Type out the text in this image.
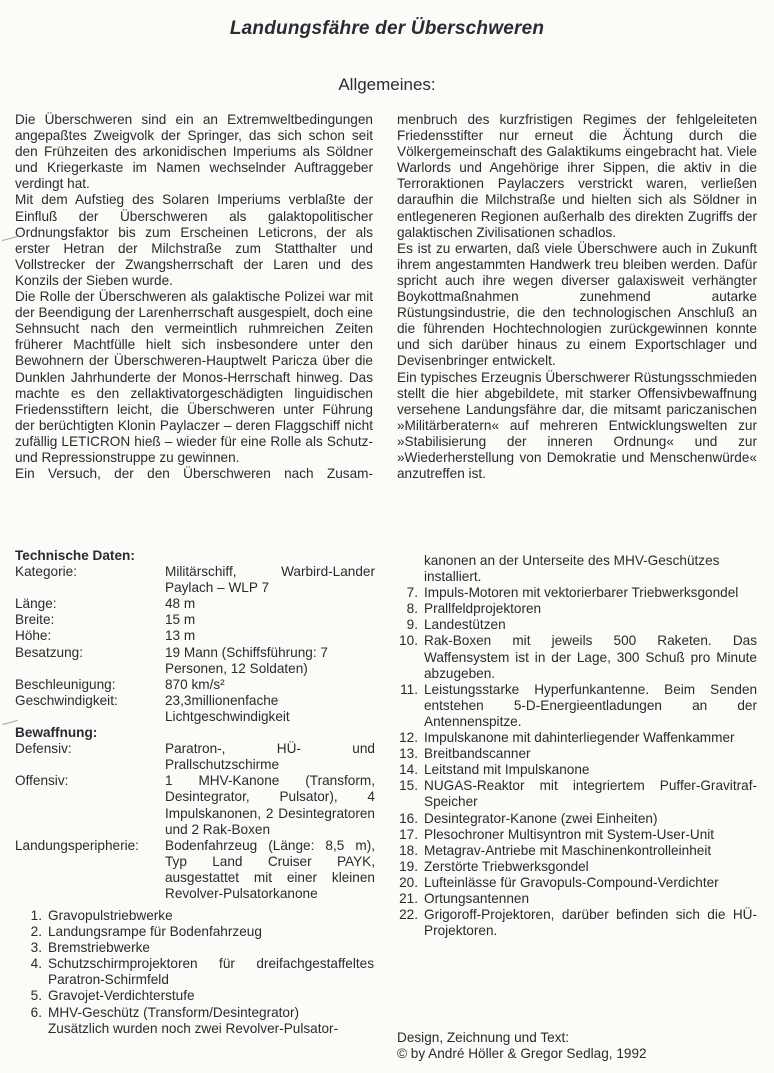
Landungsfähre der Überschweren
Allgemeines:

Die Überschweren sind ein an Extremweltbedingungen angepaßtes Zweigvolk der Springer, das sich schon seit den Frühzeiten des arkonidischen Imperiums als Söldner und Kriegerkaste im Namen wechselnder Auftraggeber verdingt hat.

Mit dem Aufstieg des Solaren Imperiums verblaßte der Einfluß der Überschweren als galaktopolitischer Ordnungsfaktor bis zum Erscheinen Leticrons, der als erster Hetran der Milchstraße zum Statthalter und Vollstrecker der Zwangsherrschaft der Laren und des Konzils der Sieben wurde.

Die Rolle der Überschweren als galaktische Polizei war mit der Beendigung der Larenherrschaft ausgespielt, doch eine Sehnsucht nach den vermeintlich ruhmreichen Zeiten früherer Machtfülle hielt sich insbesondere unter den Bewohnern der Überschweren-Hauptwelt Paricza über die Dunklen Jahrhunderte der Monos-Herrschaft hinweg. Das machte es den zellaktivatorgeschädigten linguidischen Friedensstiftern leicht, die Überschweren unter Führung der berüchtigten Klonin Paylaczer – deren Flaggschiff nicht zufällig LETICRON hieß – wieder für eine Rolle als Schutz- und Repressionstruppe zu gewinnen.

Ein Versuch, der den Überschweren nach Zusam-

menbruch des kurzfristigen Regimes der fehlgeleiteten Friedensstifter nur erneut die Ächtung durch die Völkergemeinschaft des Galaktikums eingebracht hat. Viele Warlords und Angehörige ihrer Sippen, die aktiv in die Terroraktionen Paylaczers verstrickt waren, verließen daraufhin die Milchstraße und hielten sich als Söldner in entlegeneren Regionen außerhalb des direkten Zugriffs der galaktischen Zivilisationen schadlos.

Es ist zu erwarten, daß viele Überschwere auch in Zukunft ihrem angestammten Handwerk treu bleiben werden. Dafür spricht auch ihre wegen diverser galaxisweit verhängter Boykottmaßnahmen zunehmend autarke Rüstungsindustrie, die den technologischen Anschluß an die führenden Hochtechnologien zurückgewinnen konnte und sich darüber hinaus zu einem Exportschlager und Devisenbringer entwickelt.

Ein typisches Erzeugnis Überschwerer Rüstungsschmieden stellt die hier abgebildete, mit starker Offensivbewaffnung versehene Landungsfähre dar, die mitsamt pariczanischen »Militärberatern« auf mehreren Entwicklungswelten zur »Stabilisierung der inneren Ordnung« und zur »Wiederherstellung von Demokratie und Menschenwürde« anzutreffen ist.

Technische Daten:

Kategorie:	Militärschiff, Warbird-Lander Paylach – WLP 7
Länge:	48 m
Breite:	15 m
Höhe:	13 m
Besatzung:	19 Mann (Schiffsführung: 7 Personen, 12 Soldaten)
Beschleunigung:	870 km/s²
Geschwindigkeit:	23,3millionenfache Lichtgeschwindigkeit

Bewaffnung:

Defensiv:	Paratron-, HÜ- und Prallschutzschirme
Offensiv:	1 MHV-Kanone (Transform, Desintegrator, Pulsator), 4 Impulskanonen, 2 Desintegratoren und 2 Rak-Boxen
Landungsperipherie:	Bodenfahrzeug (Länge: 8,5 m), Typ Land Cruiser PAYK, ausgestattet mit einer kleinen Revolver-Pulsatorkanone
1. Gravopulstriebwerke
2. Landungsrampe für Bodenfahrzeug
3. Bremstriebwerke
4. Schutzschirmprojektoren für dreifachgestaffeltes Paratron-Schirmfeld
5. Gravojet-Verdichterstufe
6. MHV-Geschütz (Transform/Desintegrator)
Zusätzlich wurden noch zwei Revolver-Pulsator-
kanonen an der Unterseite des MHV-Geschützes installiert.
7. Impuls-Motoren mit vektorierbarer Triebwerksgondel
8. Prallfeldprojektoren
9. Landestützen
10. Rak-Boxen mit jeweils 500 Raketen. Das Waffensystem ist in der Lage, 300 Schuß pro Minute abzugeben.
11. Leistungsstarke Hyperfunkantenne. Beim Senden entstehen 5-D-Energieentladungen an der Antennenspitze.
12. Impulskanone mit dahinterliegender Waffenkammer
13. Breitbandscanner
14. Leitstand mit Impulskanone
15. NUGAS-Reaktor mit integriertem Puffer-Gravitraf-Speicher
16. Desintegrator-Kanone (zwei Einheiten)
17. Plesochroner Multisyntron mit System-User-Unit
18. Metagrav-Antriebe mit Maschinenkontrolleinheit
19. Zerstörte Triebwerksgondel
20. Lufteinlässe für Gravopuls-Compound-Verdichter
21. Ortungsantennen
22. Grigoroff-Projektoren, darüber befinden sich die HÜ-Projektoren.
Design, Zeichnung und Text:
© by André Höller & Gregor Sedlag, 1992
